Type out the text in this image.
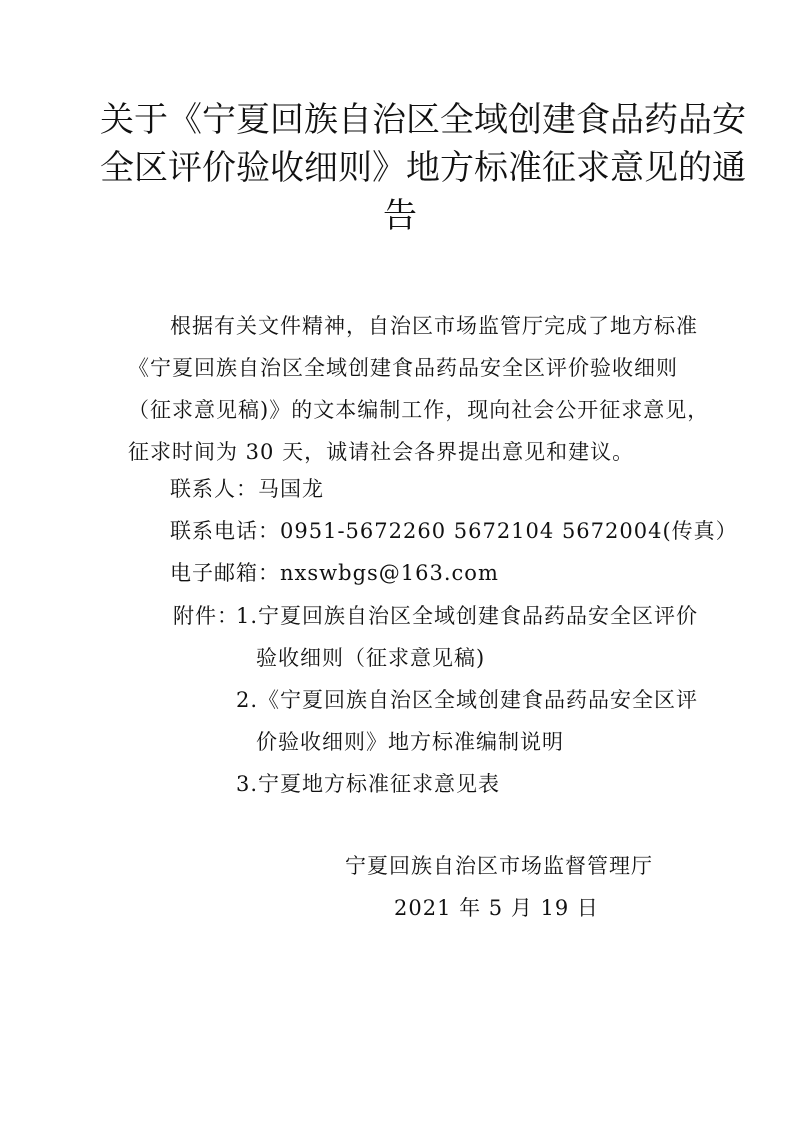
关于《宁夏回族自治区全域创建食品药品安
全区评价验收细则》地方标准征求意见的通
告
根据有关文件精神，自治区市场监管厅完成了地方标准
《宁夏回族自治区全域创建食品药品安全区评价验收细则
（征求意见稿)》的文本编制工作，现向社会公开征求意见，
征求时间为 30 天，诚请社会各界提出意见和建议。
联系人：马国龙
联系电话：0951-5672260 5672104 5672004(传真）
电子邮箱：nxswbgs@163.com
附件：
1.宁夏回族自治区全域创建食品药品安全区评价
验收细则（征求意见稿)
2.《宁夏回族自治区全域创建食品药品安全区评
价验收细则》地方标准编制说明
3.宁夏地方标准征求意见表
宁夏回族自治区市场监督管理厅
2021 年 5 月 19 日
